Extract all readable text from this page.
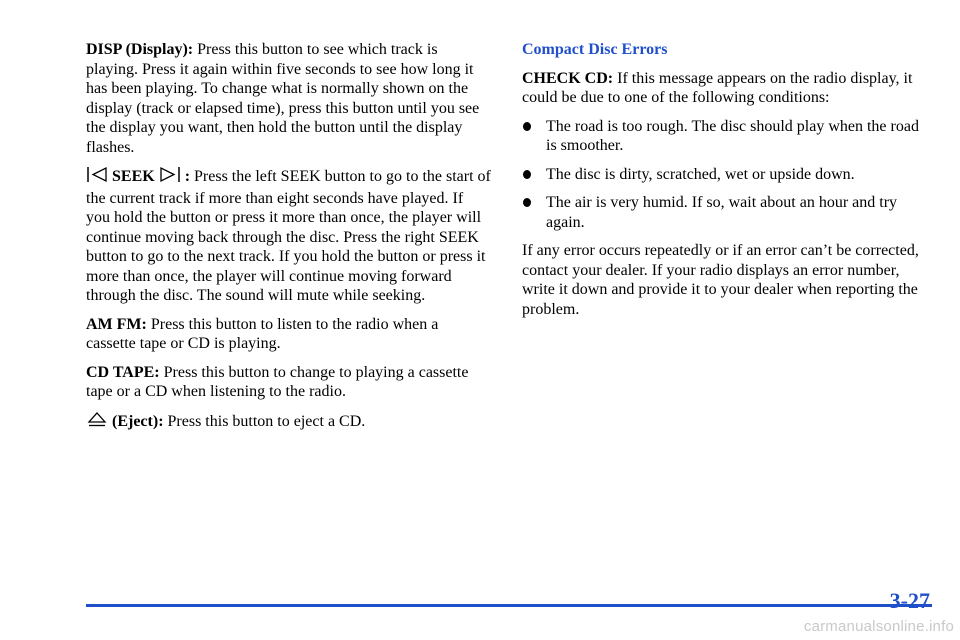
DISP (Display): Press this button to see which track is playing. Press it again within five seconds to see how long it has been playing. To change what is normally shown on the display (track or elapsed time), press this button until you see the display you want, then hold the button until the display flashes.

SEEK : Press the left SEEK button to go to the start of the current track if more than eight seconds have played. If you hold the button or press it more than once, the player will continue moving back through the disc. Press the right SEEK button to go to the next track. If you hold the button or press it more than once, the player will continue moving forward through the disc. The sound will mute while seeking.

AM FM: Press this button to listen to the radio when a cassette tape or CD is playing.

CD TAPE: Press this button to change to playing a cassette tape or a CD when listening to the radio.

(Eject): Press this button to eject a CD.

Compact Disc Errors

CHECK CD: If this message appears on the radio display, it could be due to one of the following conditions:

The road is too rough. The disc should play when the road is smoother.
The disc is dirty, scratched, wet or upside down.
The air is very humid. If so, wait about an hour and try again.

If any error occurs repeatedly or if an error can’t be corrected, contact your dealer. If your radio displays an error number, write it down and provide it to your dealer when reporting the problem.

3-27
carmanualsonline.info
